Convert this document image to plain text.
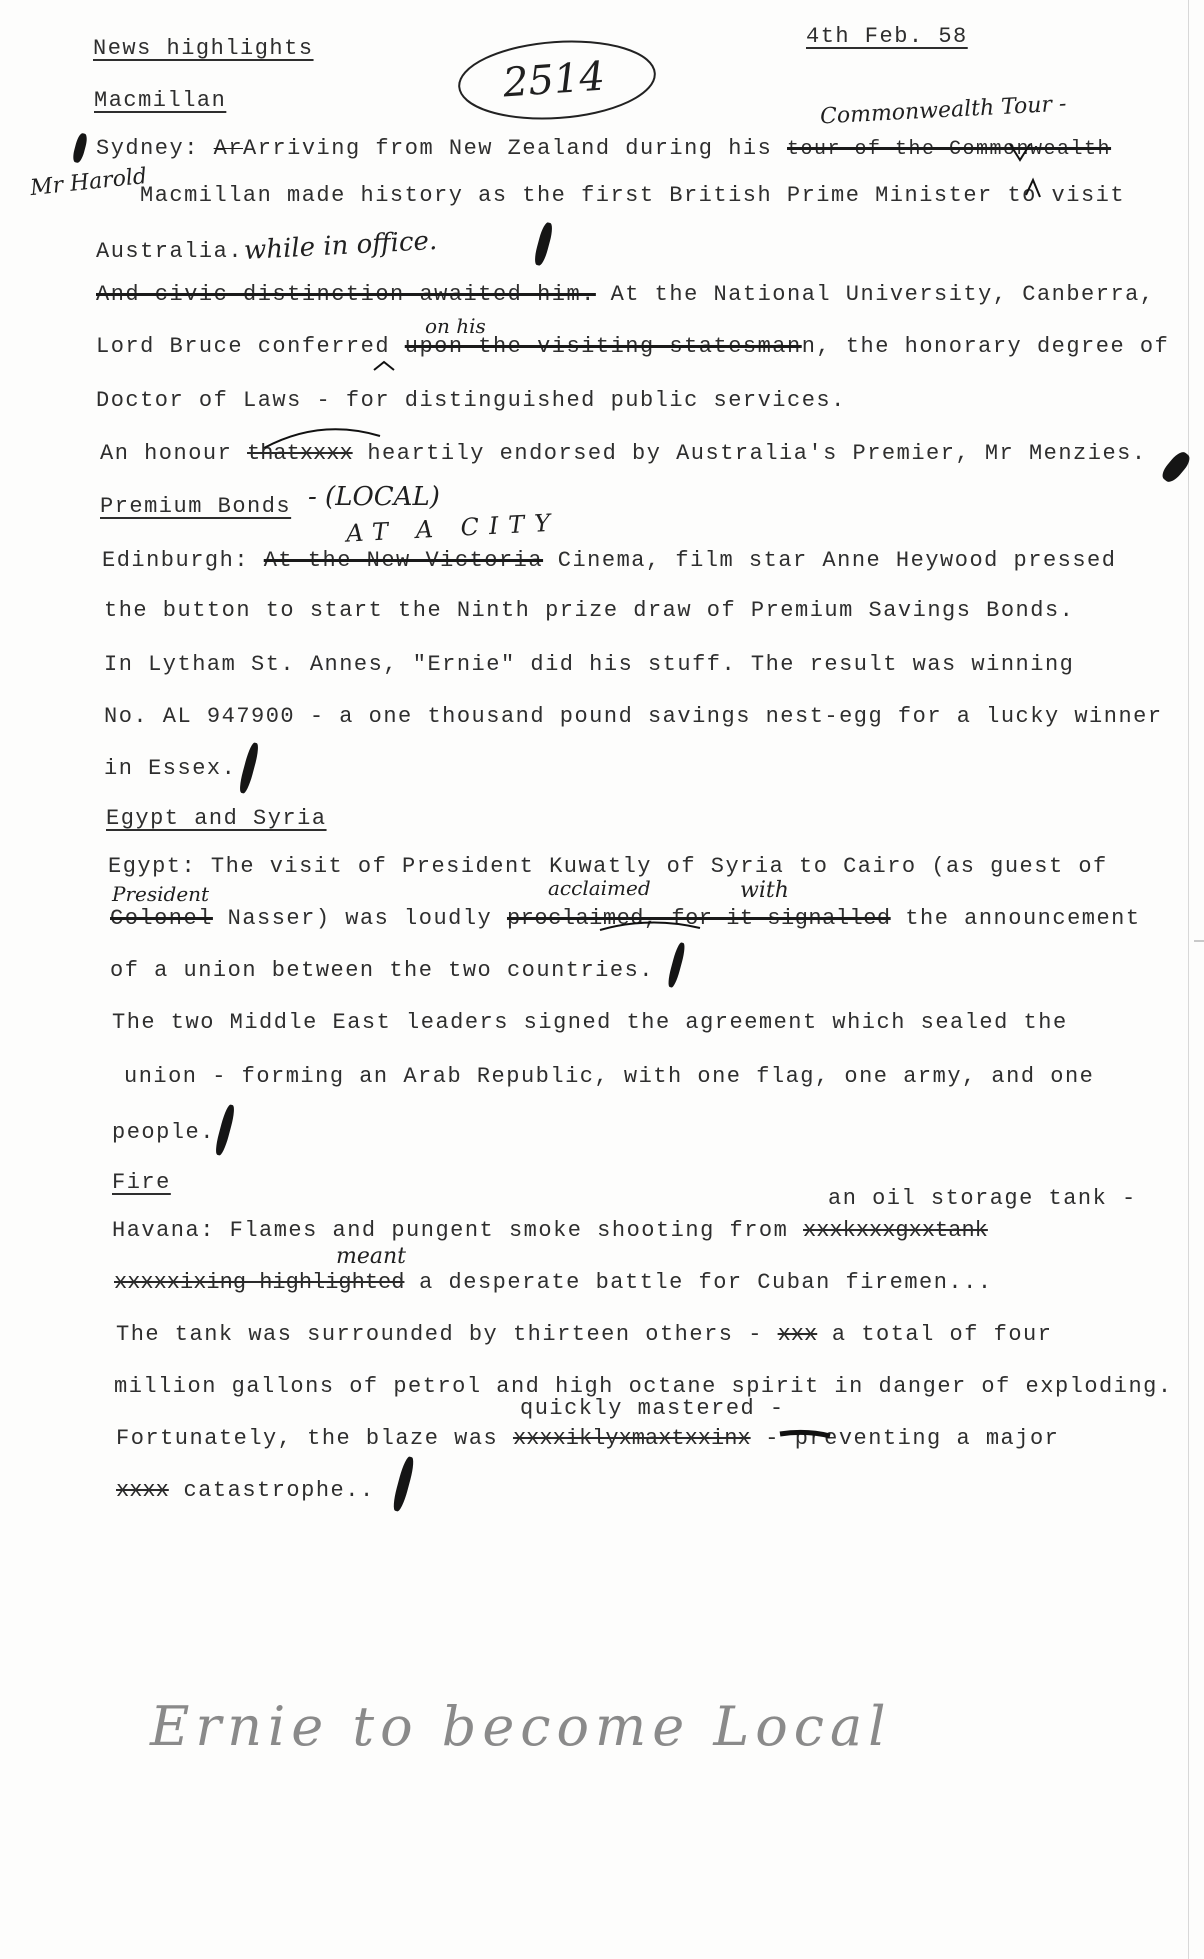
News highlights	4th Feb. 58
2514
Macmillan	Commonwealth Tour -
Sydney: ArArriving from New Zealand during his tour of the Commonwealth
Mr Harold
Macmillan made history as the first British Prime Minister to visit
Australia. while in office.
And civic distinction awaited him. At the National University, Canberra,
on his
Lord Bruce conferred upon the visiting statesmann, the honorary degree of
Doctor of Laws - for distinguished public services.
An honour thatxxxx heartily endorsed by Australia's Premier, Mr Menzies.
Premium Bonds - (LOCAL)
AT A CITY
Edinburgh: At the New Victoria Cinema, film star Anne Heywood pressed
the button to start the Ninth prize draw of Premium Savings Bonds.
In Lytham St. Annes, "Ernie" did his stuff. The result was winning
No. AL 947900 - a one thousand pound savings nest-egg for a lucky winner
in Essex.
Egypt and Syria
Egypt: The visit of President Kuwatly of Syria to Cairo (as guest of
President	acclaimed	with
Colonel Nasser) was loudly proclaimed, for it signalled the announcement
of a union between the two countries.
The two Middle East leaders signed the agreement which sealed the
union - forming an Arab Republic, with one flag, one army, and one
people.
Fire
an oil storage tank -
Havana: Flames and pungent smoke shooting from xxxkxxxgxxtank
meant
xxxxxixing highlighted a desperate battle for Cuban firemen...
The tank was surrounded by thirteen others - xxx a total of four
million gallons of petrol and high octane spirit in danger of exploding.
quickly mastered -
Fortunately, the blaze was xxxxiklyxmaxtxxinx - preventing a major
xxxx catastrophe..
Ernie to become Local
